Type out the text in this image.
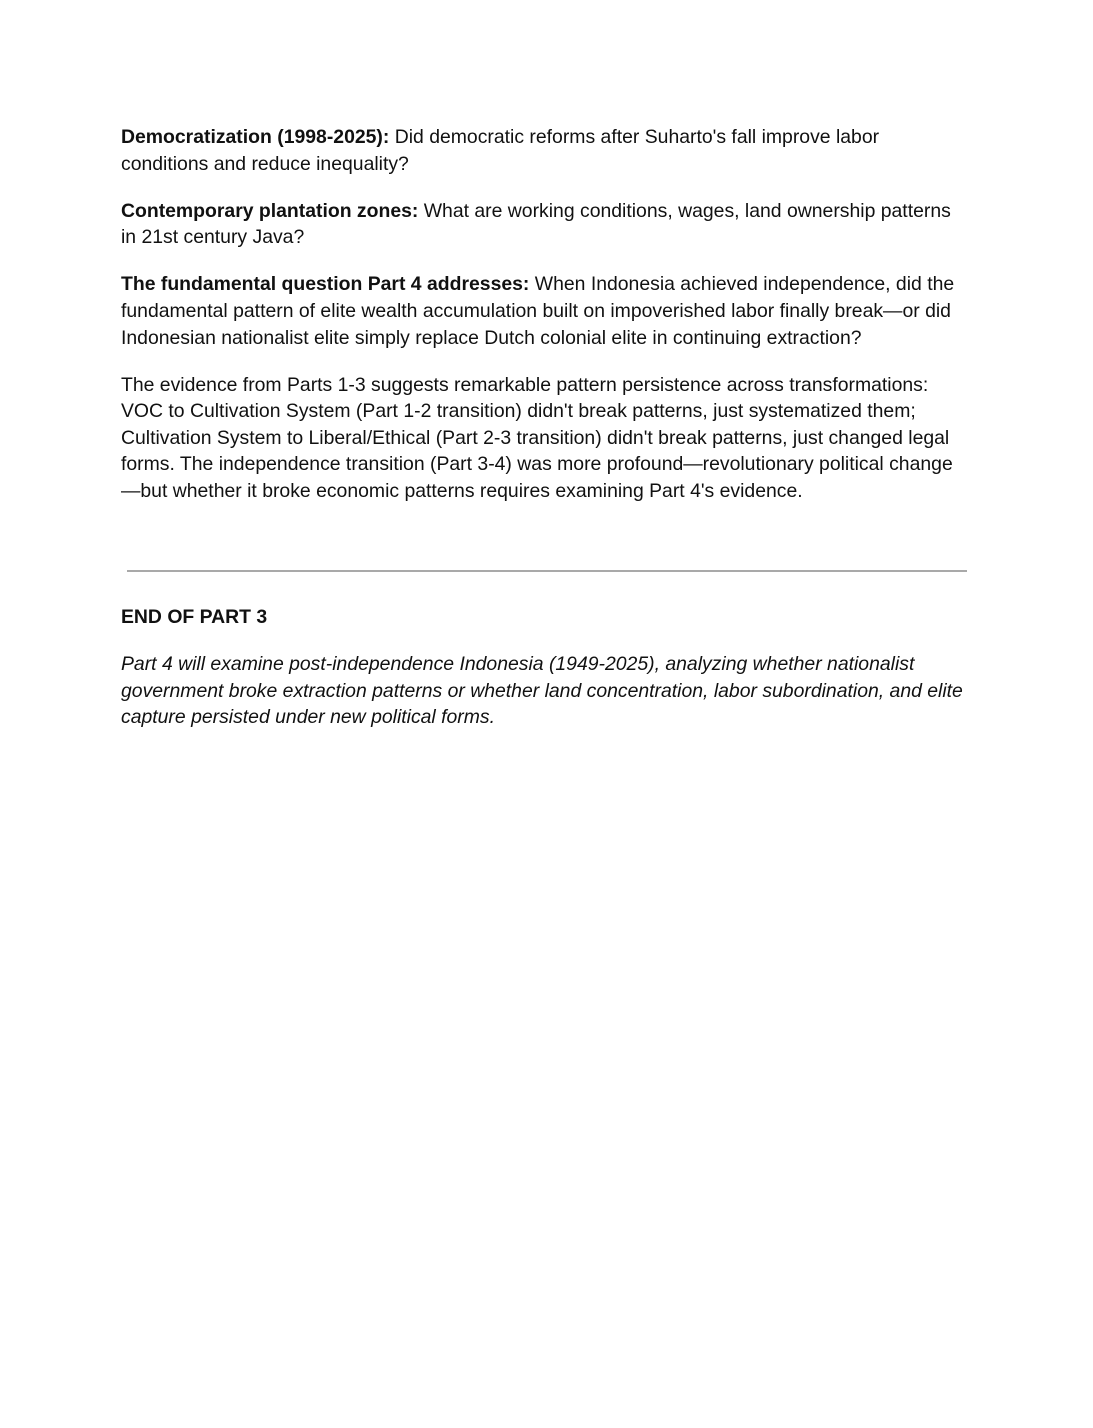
Democratization (1998-2025): Did democratic reforms after Suharto's fall improve labor conditions and reduce inequality?

Contemporary plantation zones: What are working conditions, wages, land ownership patterns in 21st century Java?

The fundamental question Part 4 addresses: When Indonesia achieved independence, did the fundamental pattern of elite wealth accumulation built on impoverished labor finally break—or did Indonesian nationalist elite simply replace Dutch colonial elite in continuing extraction?

The evidence from Parts 1-3 suggests remarkable pattern persistence across transformations: VOC to Cultivation System (Part 1-2 transition) didn't break patterns, just systematized them; Cultivation System to Liberal/Ethical (Part 2-3 transition) didn't break patterns, just changed legal forms. The independence transition (Part 3-4) was more profound—revolutionary political change—but whether it broke economic patterns requires examining Part 4's evidence.

END OF PART 3

Part 4 will examine post-independence Indonesia (1949-2025), analyzing whether nationalist government broke extraction patterns or whether land concentration, labor subordination, and elite capture persisted under new political forms.
